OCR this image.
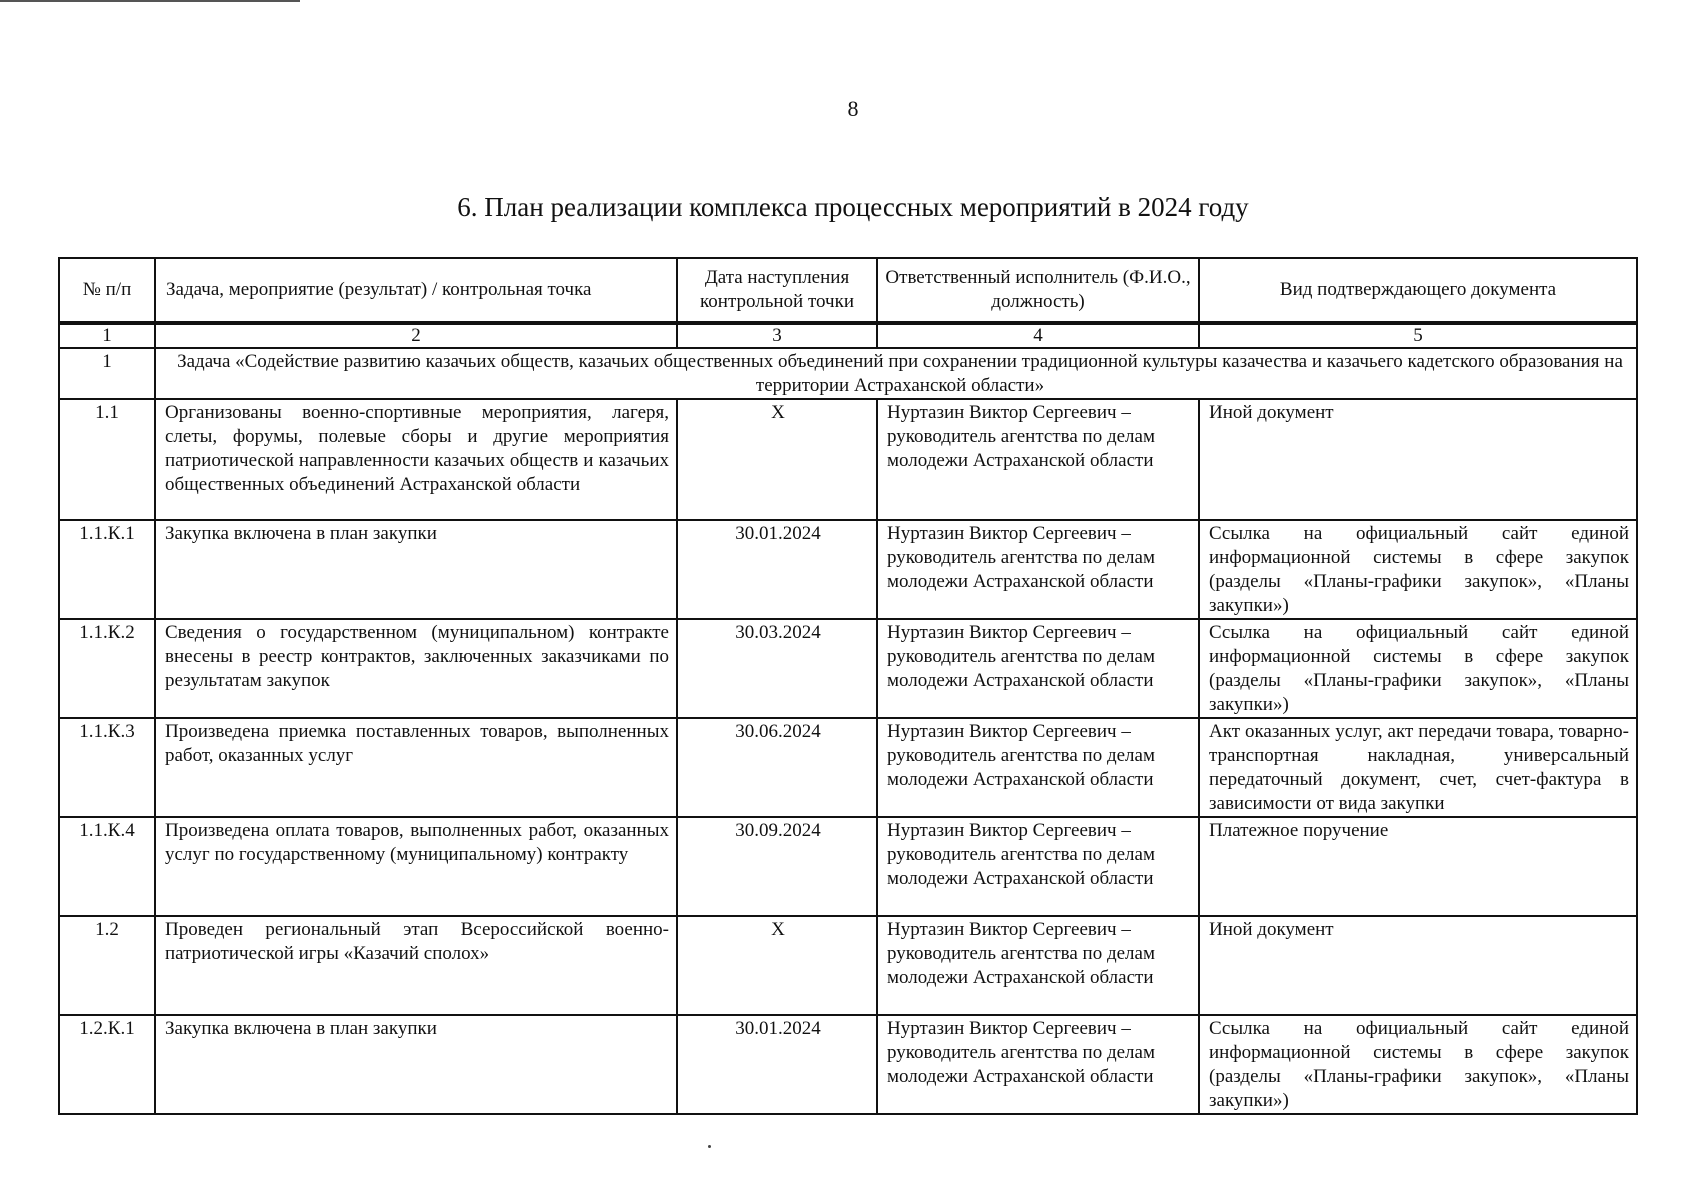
8
6. План реализации комплекса процессных мероприятий в 2024 году
№ п/п	Задача, мероприятие (результат) / контрольная точка	Дата наступления контрольной точки	Ответственный исполнитель (Ф.И.О., должность)	Вид подтверждающего документа
1	2	3	4	5
1	Задача «Содействие развитию казачьих обществ, казачьих общественных объединений при сохранении традиционной культуры казачества и казачьего кадетского образования на территории Астраханской области»			
1.1	Организованы военно-спортивные мероприятия, лагеря, слеты, форумы, полевые сборы и другие мероприятия патриотической направленности казачьих обществ и казачьих общественных объединений Астраханской области	X	Нуртазин Виктор Сергеевич – руководитель агентства по делам молодежи Астраханской области	Иной документ
1.1.К.1	Закупка включена в план закупки	30.01.2024	Нуртазин Виктор Сергеевич – руководитель агентства по делам молодежи Астраханской области	Ссылка на официальный сайт единой информационной системы в сфере закупок (разделы «Планы-графики закупок», «Планы закупки»)
1.1.К.2	Сведения о государственном (муниципальном) контракте внесены в реестр контрактов, заключенных заказчиками по результатам закупок	30.03.2024	Нуртазин Виктор Сергеевич – руководитель агентства по делам молодежи Астраханской области	Ссылка на официальный сайт единой информационной системы в сфере закупок (разделы «Планы-графики закупок», «Планы закупки»)
1.1.К.3	Произведена приемка поставленных товаров, выполненных работ, оказанных услуг	30.06.2024	Нуртазин Виктор Сергеевич – руководитель агентства по делам молодежи Астраханской области	Акт оказанных услуг, акт передачи товара, товарно-транспортная накладная, универсальный передаточный документ, счет, счет-фактура в зависимости от вида закупки
1.1.К.4	Произведена оплата товаров, выполненных работ, оказанных услуг по государственному (муниципальному) контракту	30.09.2024	Нуртазин Виктор Сергеевич – руководитель агентства по делам молодежи Астраханской области	Платежное поручение
1.2	Проведен региональный этап Всероссийской военно-патриотической игры «Казачий сполох»	X	Нуртазин Виктор Сергеевич – руководитель агентства по делам молодежи Астраханской области	Иной документ
1.2.К.1	Закупка включена в план закупки	30.01.2024	Нуртазин Виктор Сергеевич – руководитель агентства по делам молодежи Астраханской области	Ссылка на официальный сайт единой информационной системы в сфере закупок (разделы «Планы-графики закупок», «Планы закупки»)
